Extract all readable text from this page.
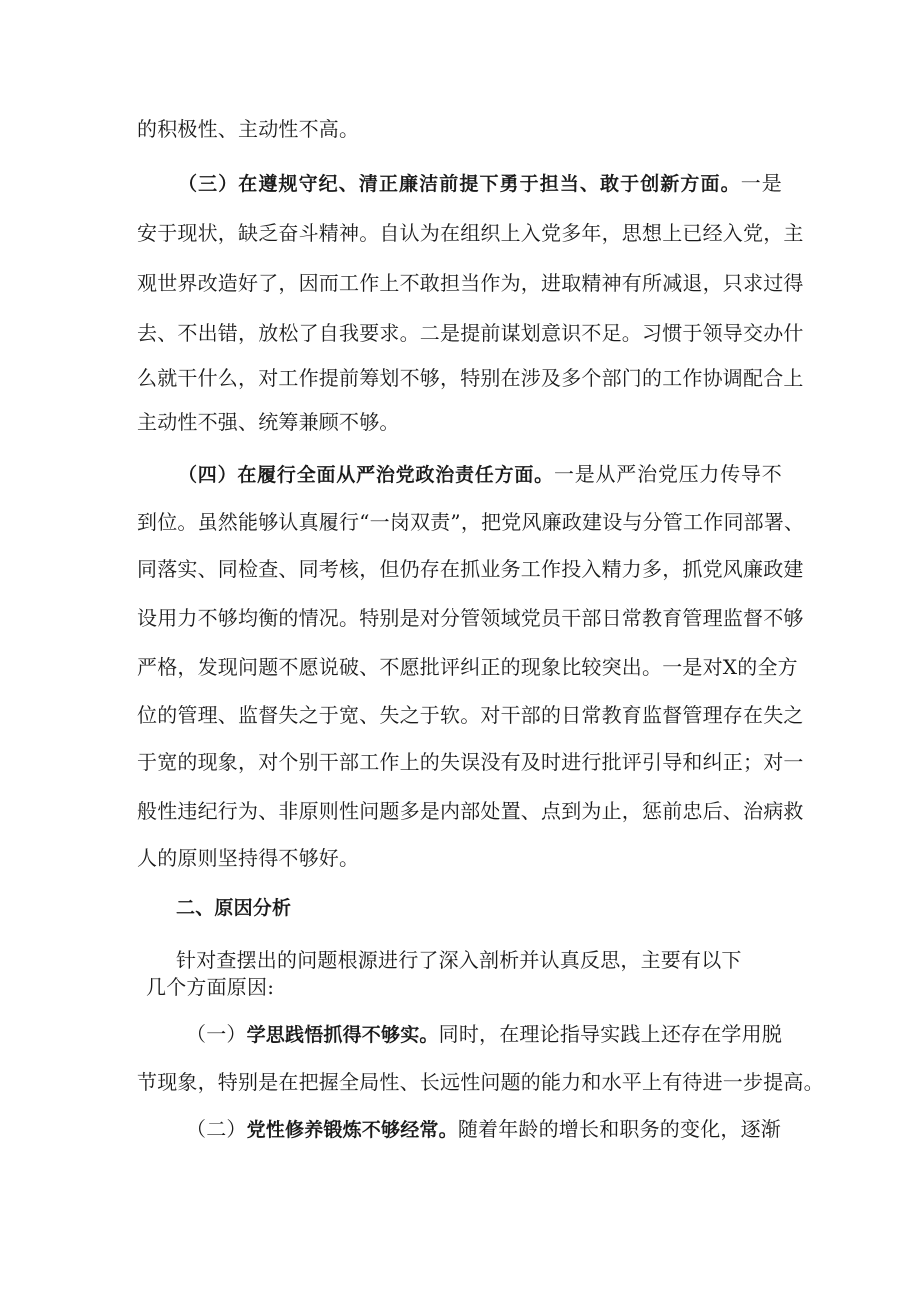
的积极性、主动性不高。
（三）在遵规守纪、清正廉洁前提下勇于担当、敢于创新方面。一是
安于现状，缺乏奋斗精神。自认为在组织上入党多年，思想上已经入党，主
观世界改造好了，因而工作上不敢担当作为，进取精神有所减退，只求过得
去、不出错，放松了自我要求。二是提前谋划意识不足。习惯于领导交办什
么就干什么，对工作提前筹划不够，特别在涉及多个部门的工作协调配合上
主动性不强、统筹兼顾不够。
（四）在履行全面从严治党政治责任方面。一是从严治党压力传导不
到位。虽然能够认真履行“一岗双责”，把党风廉政建设与分管工作同部署、
同落实、同检查、同考核，但仍存在抓业务工作投入精力多，抓党风廉政建
设用力不够均衡的情况。特别是对分管领域党员干部日常教育管理监督不够
严格，发现问题不愿说破、不愿批评纠正的现象比较突出。一是对X的全方
位的管理、监督失之于宽、失之于软。对干部的日常教育监督管理存在失之
于宽的现象，对个别干部工作上的失误没有及时进行批评引导和纠正；对一
般性违纪行为、非原则性问题多是内部处置、点到为止，惩前忠后、治病救
人的原则坚持得不够好。
二、原因分析
针对查摆出的问题根源进行了深入剖析并认真反思，主要有以下
几个方面原因:
（一）学思践悟抓得不够实。同时，在理论指导实践上还存在学用脱
节现象，特别是在把握全局性、长远性问题的能力和水平上有待进一步提高。
（二）党性修养锻炼不够经常。随着年龄的增长和职务的变化，逐渐
